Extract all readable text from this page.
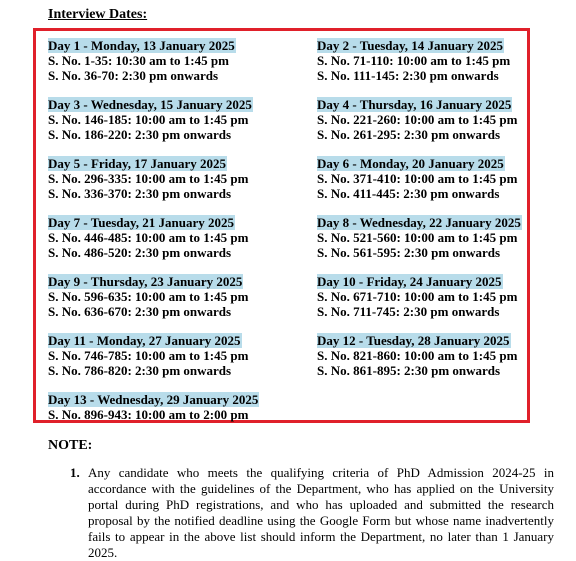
Interview Dates:
Day 1 - Monday, 13 January 2025
S. No. 1-35: 10:30 am to 1:45 pm
S. No. 36-70: 2:30 pm onwards
Day 3 - Wednesday, 15 January 2025
S. No. 146-185: 10:00 am to 1:45 pm
S. No. 186-220: 2:30 pm onwards
Day 5 - Friday, 17 January 2025
S. No. 296-335: 10:00 am to 1:45 pm
S. No. 336-370: 2:30 pm onwards
Day 7 - Tuesday, 21 January 2025
S. No. 446-485: 10:00 am to 1:45 pm
S. No. 486-520: 2:30 pm onwards
Day 9 - Thursday, 23 January 2025
S. No. 596-635: 10:00 am to 1:45 pm
S. No. 636-670: 2:30 pm onwards
Day 11 - Monday, 27 January 2025
S. No. 746-785: 10:00 am to 1:45 pm
S. No. 786-820: 2:30 pm onwards
Day 13 - Wednesday, 29 January 2025
S. No. 896-943: 10:00 am to 2:00 pm
Day 2 - Tuesday, 14 January 2025
S. No. 71-110: 10:00 am to 1:45 pm
S. No. 111-145: 2:30 pm onwards
Day 4 - Thursday, 16 January 2025
S. No. 221-260: 10:00 am to 1:45 pm
S. No. 261-295: 2:30 pm onwards
Day 6 - Monday, 20 January 2025
S. No. 371-410: 10:00 am to 1:45 pm
S. No. 411-445: 2:30 pm onwards
Day 8 - Wednesday, 22 January 2025
S. No. 521-560: 10:00 am to 1:45 pm
S. No. 561-595: 2:30 pm onwards
Day 10 - Friday, 24 January 2025
S. No. 671-710: 10:00 am to 1:45 pm
S. No. 711-745: 2:30 pm onwards
Day 12 - Tuesday, 28 January 2025
S. No. 821-860: 10:00 am to 1:45 pm
S. No. 861-895: 2:30 pm onwards
NOTE:
1. Any candidate who meets the qualifying criteria of PhD Admission 2024-25 in accordance with the guidelines of the Department, who has applied on the University portal during PhD registrations, and who has uploaded and submitted the research proposal by the notified deadline using the Google Form but whose name inadvertently fails to appear in the above list should inform the Department, no later than 1 January 2025.
